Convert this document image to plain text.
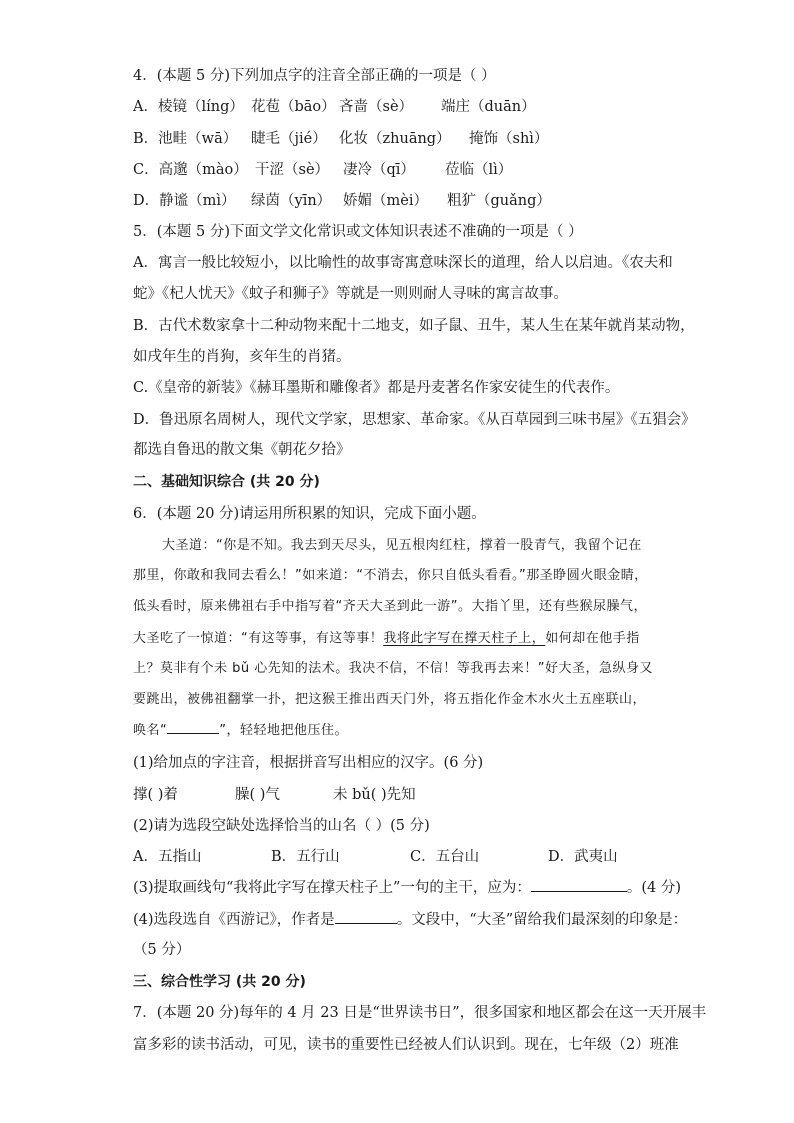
4．(本题 5 分)下列加点字的注音全部正确的一项是（ ）
A．棱镜（líng） 花苞（bāo） 吝啬（sè） 端庄（duān）
B．池畦（wā） 睫毛（jié） 化妆（zhuāng） 掩饰（shì）
C．高邈（mào） 干涩（sè） 凄冷（qī） 莅临（lì）
D．静谧（mì） 绿茵（yīn） 娇媚（mèi） 粗犷（guǎng）
5．(本题 5 分)下面文学文化常识或文体知识表述不准确的一项是（ ）
A．寓言一般比较短小，以比喻性的故事寄寓意味深长的道理，给人以启迪。《农夫和
蛇》《杞人忧天》《蚊子和狮子》等就是一则则耐人寻味的寓言故事。
B．古代术数家拿十二种动物来配十二地支，如子鼠、丑牛，某人生在某年就肖某动物，
如戌年生的肖狗，亥年生的肖猪。
C.《皇帝的新装》《赫耳墨斯和雕像者》都是丹麦著名作家安徒生的代表作。
D．鲁迅原名周树人，现代文学家，思想家、革命家。《从百草园到三味书屋》《五猖会》
都选自鲁迅的散文集《朝花夕拾》
二、基础知识综合 (共 20 分)
6．(本题 20 分)请运用所积累的知识，完成下面小题。
大圣道：“你是不知。我去到天尽头，见五根肉红柱，撑着一股青气，我留个记在
那里，你敢和我同去看么！”如来道：“不消去，你只自低头看看。”那圣睁圆火眼金睛，
低头看时，原来佛祖右手中指写着“齐天大圣到此一游”。大指丫里，还有些猴尿臊气，
大圣吃了一惊道：“有这等事，有这等事！我将此字写在撑天柱子上，如何却在他手指
上？莫非有个未 bǔ 心先知的法术。我决不信，不信！等我再去来！”好大圣，急纵身又
要跳出，被佛祖翻掌一扑，把这猴王推出西天门外，将五指化作金木水火土五座联山，
唤名“	”，轻轻地把他压住。
(1)给加点的字注音，根据拼音写出相应的汉字。(6 分)
撑( )着	臊( )气	未 bǔ( )先知
(2)请为选段空缺处选择恰当的山名（ ）(5 分)
A．五指山	B．五行山	C．五台山	D．武夷山
(3)提取画线句“我将此字写在撑天柱子上”一句的主干，应为：	。(4 分)
(4)选段选自《西游记》，作者是	。文段中，“大圣”留给我们最深刻的印象是：
（5 分）
三、综合性学习 (共 20 分)
7．(本题 20 分)每年的 4 月 23 日是“世界读书日”，很多国家和地区都会在这一天开展丰
富多彩的读书活动，可见，读书的重要性已经被人们认识到。现在，七年级（2）班准
